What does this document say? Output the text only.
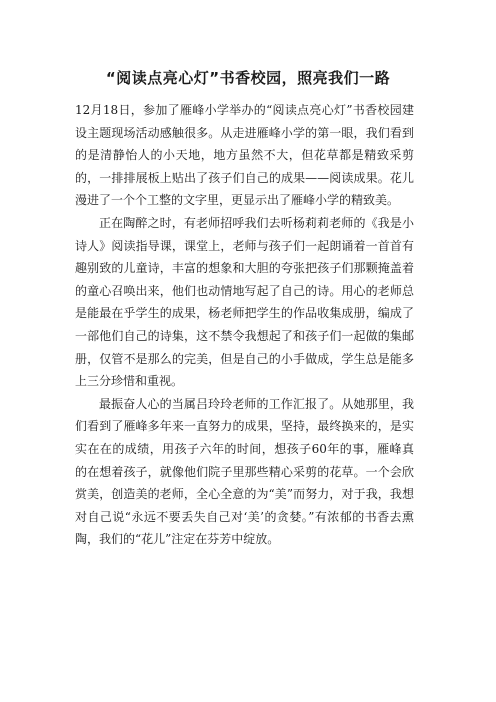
“阅读点亮心灯”书香校园，照亮我们一路

12月18日，参加了雁峰小学举办的“阅读点亮心灯”书香校园建设主题现场活动感触很多。从走进雁峰小学的第一眼，我们看到的是清静怡人的小天地，地方虽然不大，但花草都是精致采剪的，一排排展板上贴出了孩子们自己的成果——阅读成果。花儿漫进了一个个工整的文字里，更显示出了雁峰小学的精致美。

正在陶醉之时，有老师招呼我们去听杨莉莉老师的《我是小诗人》阅读指导课，课堂上，老师与孩子们一起朗诵着一首首有趣别致的儿童诗，丰富的想象和大胆的夸张把孩子们那颗掩盖着的童心召唤出来，他们也动情地写起了自己的诗。用心的老师总是能最在乎学生的成果，杨老师把学生的作品收集成册，编成了一部他们自己的诗集，这不禁令我想起了和孩子们一起做的集邮册，仅管不是那么的完美，但是自己的小手做成，学生总是能多上三分珍惜和重视。

最振奋人心的当属吕玲玲老师的工作汇报了。从她那里，我们看到了雁峰多年来一直努力的成果，坚持，最终换来的，是实实在在的成绩，用孩子六年的时间，想孩子60年的事，雁峰真的在想着孩子，就像他们院子里那些精心采剪的花草。一个会欣赏美，创造美的老师，全心全意的为“美”而努力，对于我，我想对自己说“永远不要丢失自己对‘美’的贪婪。”有浓郁的书香去熏陶，我们的“花儿”注定在芬芳中绽放。
